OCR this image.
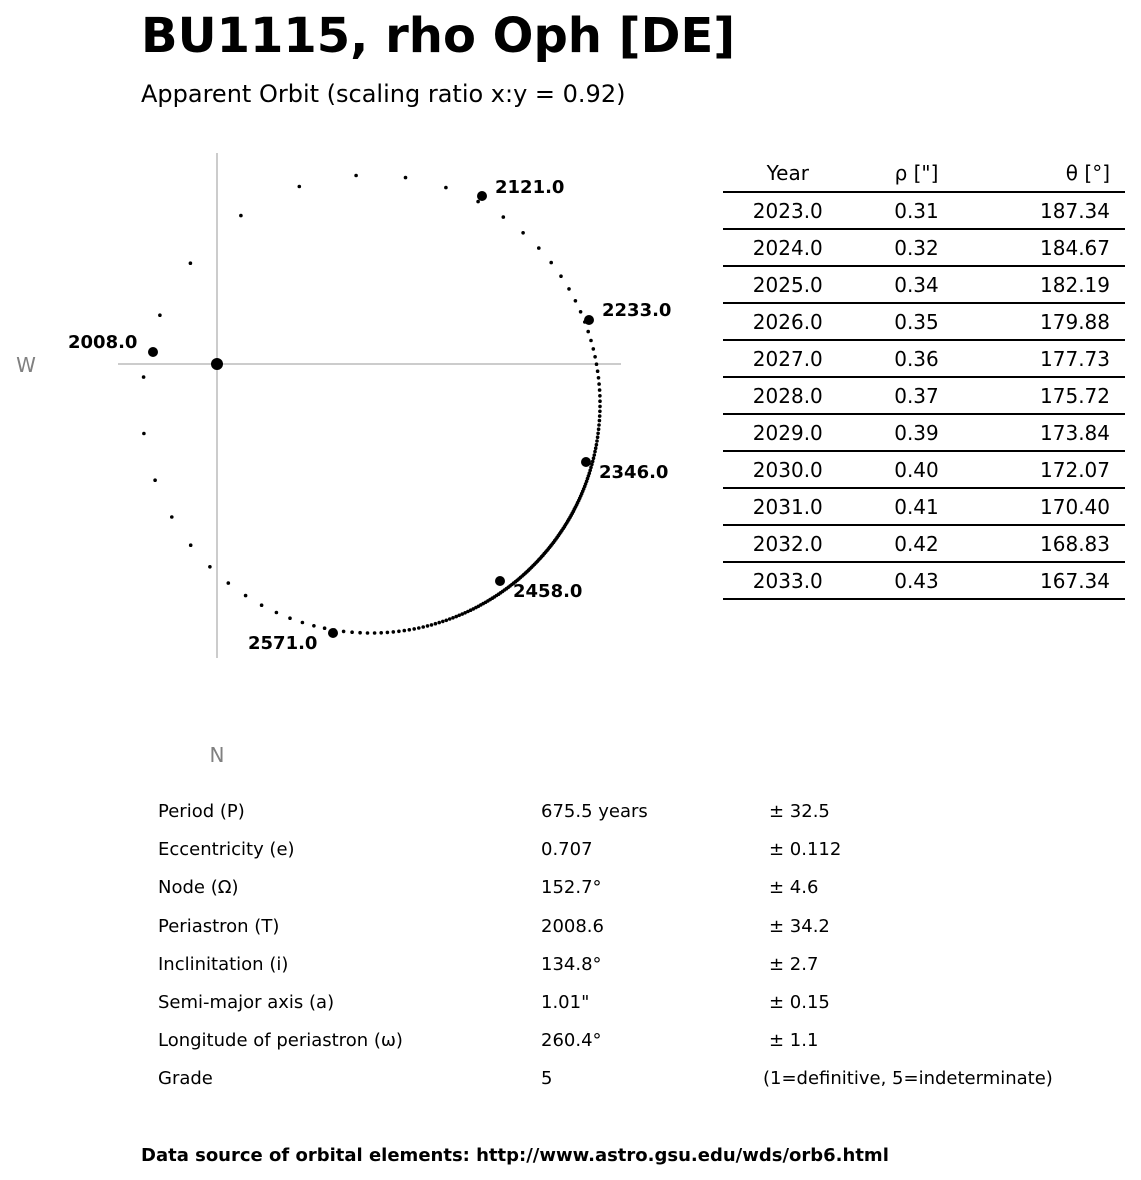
BU1115, rho Oph [DE]
Apparent Orbit (scaling ratio x:y = 0.92)
W
N
2008.0
2121.0
2233.0
2346.0
2458.0
2571.0
Year	ρ ["]	θ [°]
2023.0	0.31	187.34
2024.0	0.32	184.67
2025.0	0.34	182.19
2026.0	0.35	179.88
2027.0	0.36	177.73
2028.0	0.37	175.72
2029.0	0.39	173.84
2030.0	0.40	172.07
2031.0	0.41	170.40
2032.0	0.42	168.83
2033.0	0.43	167.34
Period (P)	675.5 years	± 32.5
Eccentricity (e)	0.707	± 0.112
Node (Ω)	152.7°	± 4.6
Periastron (T)	2008.6	± 34.2
Inclinitation (i)	134.8°	± 2.7
Semi-major axis (a)	1.01"	± 0.15
Longitude of periastron (ω)	260.4°	± 1.1
Grade	5	(1=definitive, 5=indeterminate)
Data source of orbital elements: http://www.astro.gsu.edu/wds/orb6.html
